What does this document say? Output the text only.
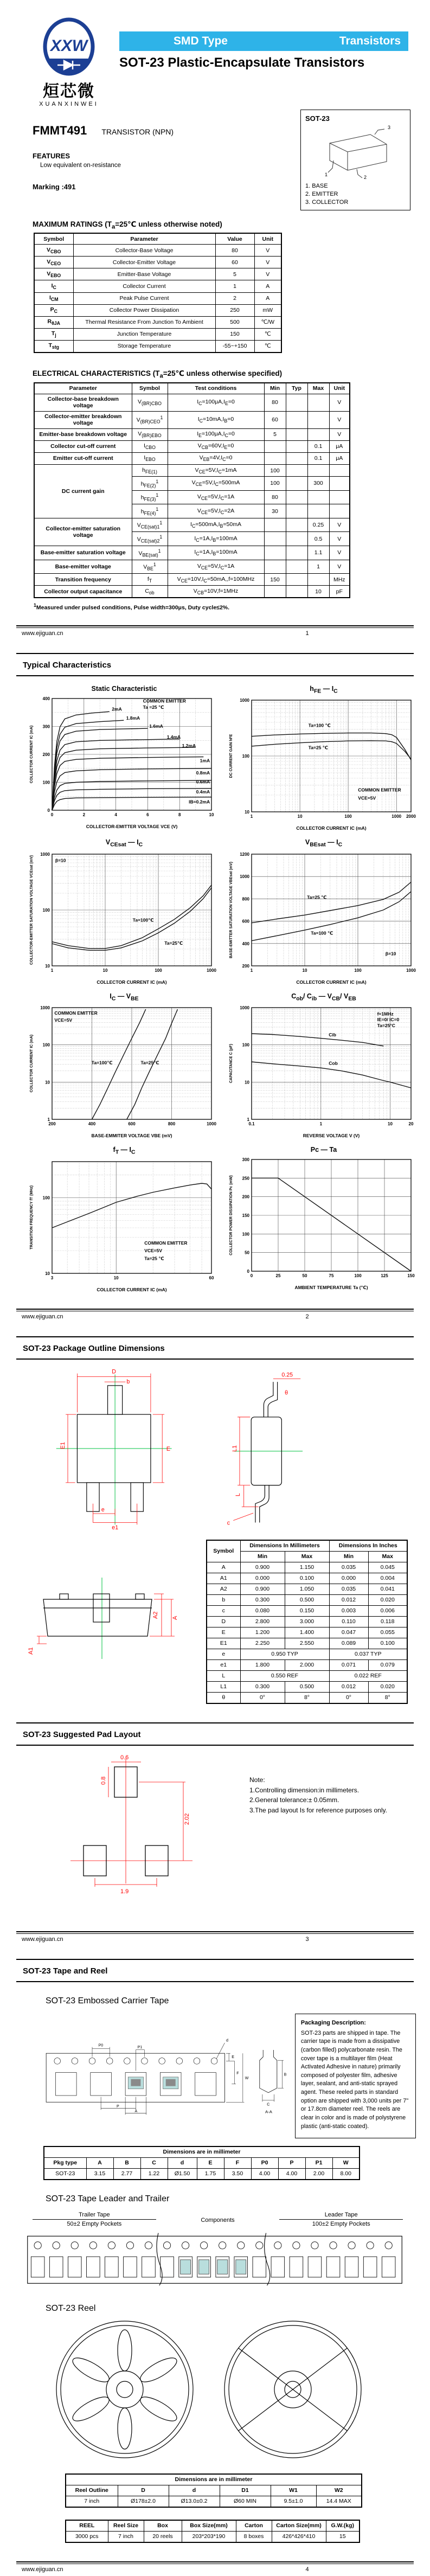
XXW
烜芯微
XUANXINWEI
SMD Type	Transistors
SOT-23 Plastic-Encapsulate Transistors
FMMT491 TRANSISTOR (NPN)
FEATURES
Low equivalent on-resistance
Marking :491
SOT-23
3
1	2
1. BASE
2. EMITTER
3. COLLECTOR
MAXIMUM RATINGS ($T_a=25℃$ unless otherwise noted)
Symbol	Parameter	Value	Unit
$V_{CBO}$	Collector-Base Voltage	80	V
$V_{CEO}$	Collector-Emitter Voltage	60	V
$V_{EBO}$	Emitter-Base Voltage	5	V
$I_C$	Collector Current	1	A
$I_{CM}$	Peak Pulse Current	2	A
$P_C$	Collector Power Dissipation	250	mW
$R_{\theta JA}$	Thermal Resistance From Junction To Ambient	500	℃/W
$T_j$	Junction Temperature	150	℃
$T_{stg}$	Storage Temperature	-55~+150	℃
ELECTRICAL CHARACTERISTICS ($T_a=25℃$ unless otherwise specified)
Parameter	Symbol	Test conditions	Min	Typ	Max	Unit
Collector-base breakdown voltage	$V_{(BR)CBO}$	$I_C=100\mu A,I_E=0$	80			V
Collector-emitter breakdown voltage	$V_{(BR)CEO}^1$	$I_C=10mA,I_B=0$	60			V
Emitter-base breakdown voltage	$V_{(BR)EBO}$	$I_E=100\mu A,I_C=0$	5			V
Collector cut-off current	$I_{CBO}$	$V_{CB}=60V,I_E=0$			0.1	μA
Emitter cut-off current	$I_{EBO}$	$V_{EB}=4V,I_C=0$			0.1	μA
DC current gain	$h_{FE(1)}$	$V_{CE}=5V,I_C=1mA$	100			
	$h_{FE(2)}^1$	$V_{CE}=5V,I_C=500mA$	100		300	
	$h_{FE(3)}^1$	$V_{CE}=5V,I_C=1A$	80			
	$h_{FE(4)}^1$	$V_{CE}=5V,I_C=2A$	30			
Collector-emitter saturation voltage	$V_{CE(sat)1}^1$	$I_C=500mA,I_B=50mA$			0.25	V
	$V_{CE(sat)2}^1$	$I_C=1A,I_B=100mA$			0.5	V
Base-emitter saturation voltage	$V_{BE(sat)}^1$	$I_C=1A,I_B=100mA$			1.1	V
Base-emitter voltage	$V_{BE}^1$	$V_{CE}=5V,I_C=1A$			1	V
Transition frequency	$f_T$	$V_{CE}=10V,I_C=50mA,,f=100MHz$	150			MHz
Collector output capacitance	$C_{ob}$	$V_{CB}=10V,f=1MHz$			10	pF
$^1$Measured under pulsed conditions, Pulse width=300μs, Duty cycle≤2%.
www.ejiguan.cn	1
Typical Characteristics
Static Characteristic
0	2	4	6	8	10
0
100
200
300
400
COLLECTOR-EMITTER VOLTAGE VCE (V)
COLLECTOR CURRENT IC (mA)
COMMON EMITTER
Ta =25 ℃
2mA
1.8mA
1.6mA
1.4mA
1.2mA
1mA
0.8mA
0.6mA
0.4mA
IB=0.2mA
$h_{FE}$ — $I_C$
1	10	100	1000 2000
10
100
1000
COLLECTOR CURRENT IC (mA)
DC CURRENT GAIN hFE
Ta=100 ℃
Ta=25 ℃
COMMON EMITTER
VCE=5V
$V_{CEsat}$ — $I_C$
1	10	100	1000
10
100
1000
COLLECTOR CURRENT IC (mA)
COLLECTOR-EMITTER SATURATION VOLTAGE VCEsat (mV)	β=10
Ta=100℃
Ta=25℃
$V_{BEsat}$ — $I_C$
1	10	100	1000
200
400
600
800
1000
1200
COLLECTOR CURRENT IC (mA)
BASE-EMITTER SATURATION VOLTAGE VBEsat (mV)	Ta=25 ℃
Ta=100 ℃
β=10
$I_C$ — $V_{BE}$
200	400	600	800	1000
1
10
100
1000
BASE-EMMITER VOLTAGE VBE (mV)
COLLECTOR CURRENT IC (mA)
COMMON EMITTER
VCE=5V
Ta=100℃	Ta=25℃
$C_{ob}/$ $C_{ib}$ — $V_{CB}/$ $V_{EB}$
0.1	1	10	20
1
10
100
1000
REVERSE VOLTAGE V (V)
CAPACITANCE C (pF)
f=1MHz
IE=0/ IC=0
Ta=25°C
Cib
Cob
$f_T$ — $I_C$
3	10	60
10
100
COLLECTOR CURRENT IC (mA)
TRANSITION FREQUENCY fT (MHz)	COMMON EMITTER
VCE=5V
Ta=25 ℃
Pc — Ta
0	25	50	75	100	125	150
0
50
100
150
200
250
300
AMBIENT TEMPERATURE Ta (℃)
COLLECTOR POWER DISSIPATION Pc (mW)
www.ejiguan.cn	2
SOT-23 Package Outline Dimensions
D
b
E1	E
e
e1
0.25
L1
L
c
θ
A2 A
A1
Symbol	Dimensions In Millimeters		Dimensions In Inches	
	Min	Max	Min	Max
A	0.900	1.150	0.035	0.045
A1	0.000	0.100	0.000	0.004
A2	0.900	1.050	0.035	0.041
b	0.300	0.500	0.012	0.020
c	0.080	0.150	0.003	0.006
D	2.800	3.000	0.110	0.118
E	1.200	1.400	0.047	0.055
E1	2.250	2.550	0.089	0.100
e	0.950 TYP		0.037 TYP	
e1	1.800	2.000	0.071	0.079
L	0.550 REF		0.022 REF	
L1	0.300	0.500	0.012	0.020
θ	0°	8°	0°	8°
SOT-23 Suggested Pad Layout
0.6
0.8
2.02
1.9
Note:
1.Controlling dimension:in millimeters.
2.General tolerance:± 0.05mm.
3.The pad layout Is for reference purposes only.
www.ejiguan.cn	3
SOT-23 Tape and Reel
SOT-23 Embossed Carrier Tape
P0
P1
d
E
F
W
P
A
B
C
A-A
Packaging Description:
SOT-23 parts are shipped in tape. The carrier tape is made from a dissipative (carbon filled) polycarbonate resin. The cover tape is a multilayer film (Heat Activated Adhesive in nature) primarily composed of polyester film, adhesive layer, sealant, and anti-static sprayed agent. These reeled parts in standard option are shipped with 3,000 units per 7" or 17.8cm diameter reel. The reels are clear in color and is made of polystyrene plastic (anti-static coated).
Dimensions are in millimeter										
Pkg type	A	B	C	d	E	F	P0	P	P1	W
SOT-23	3.15	2.77	1.22	Ø1.50	1.75	3.50	4.00	4.00	2.00	8.00
SOT-23 Tape Leader and Trailer
Trailer Tape
50±2 Empty Pockets
Components
Leader Tape
100±2 Empty Pockets
SOT-23 Reel
Dimensions are in millimeter					
Reel Outline	D	d	D1	W1	W2
7 inch	Ø178±2.0	Ø13.0±0.2	Ø60 MIN	9.5±1.0	14.4 MAX
REEL	Reel Size	Box	Box Size(mm)	Carton	Carton Size(mm)	G.W.(kg)
3000 pcs	7 inch	20 reels	203*203*190	8 boxes	426*426*410	15
www.ejiguan.cn	4
